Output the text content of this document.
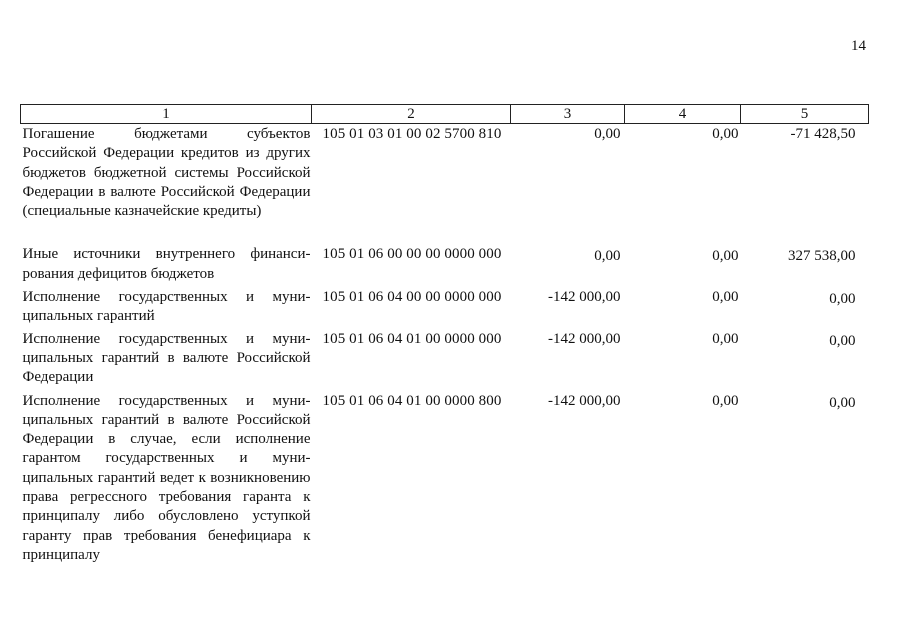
14
1	2	3	4	5
Погашение бюджетами субъектов Российской Федерации кредитов из других бюджетов бюджетной системы Российской Федерации в валюте Российской Федерации (специальные казначейские кредиты)	105 01 03 01 00 02 5700 810	0,00	0,00	-71 428,50
Иные источники внутреннего финансирования дефицитов бюджетов	105 01 06 00 00 00 0000 000	0,00	0,00	327 538,00
Исполнение государственных и муниципальных гарантий	105 01 06 04 00 00 0000 000	-142 000,00	0,00	0,00
Исполнение государственных и муниципальных гарантий в валюте Российской Федерации	105 01 06 04 01 00 0000 000	-142 000,00	0,00	0,00
Исполнение государственных и муниципальных гарантий в валюте Российской Федерации в случае, если исполнение гарантом государственных и муниципальных гарантий ведет к возникновению права регрессного требования гаранта к принципалу либо обусловлено уступкой гаранту прав требования бенефициара к принципалу	105 01 06 04 01 00 0000 800	-142 000,00	0,00	0,00
